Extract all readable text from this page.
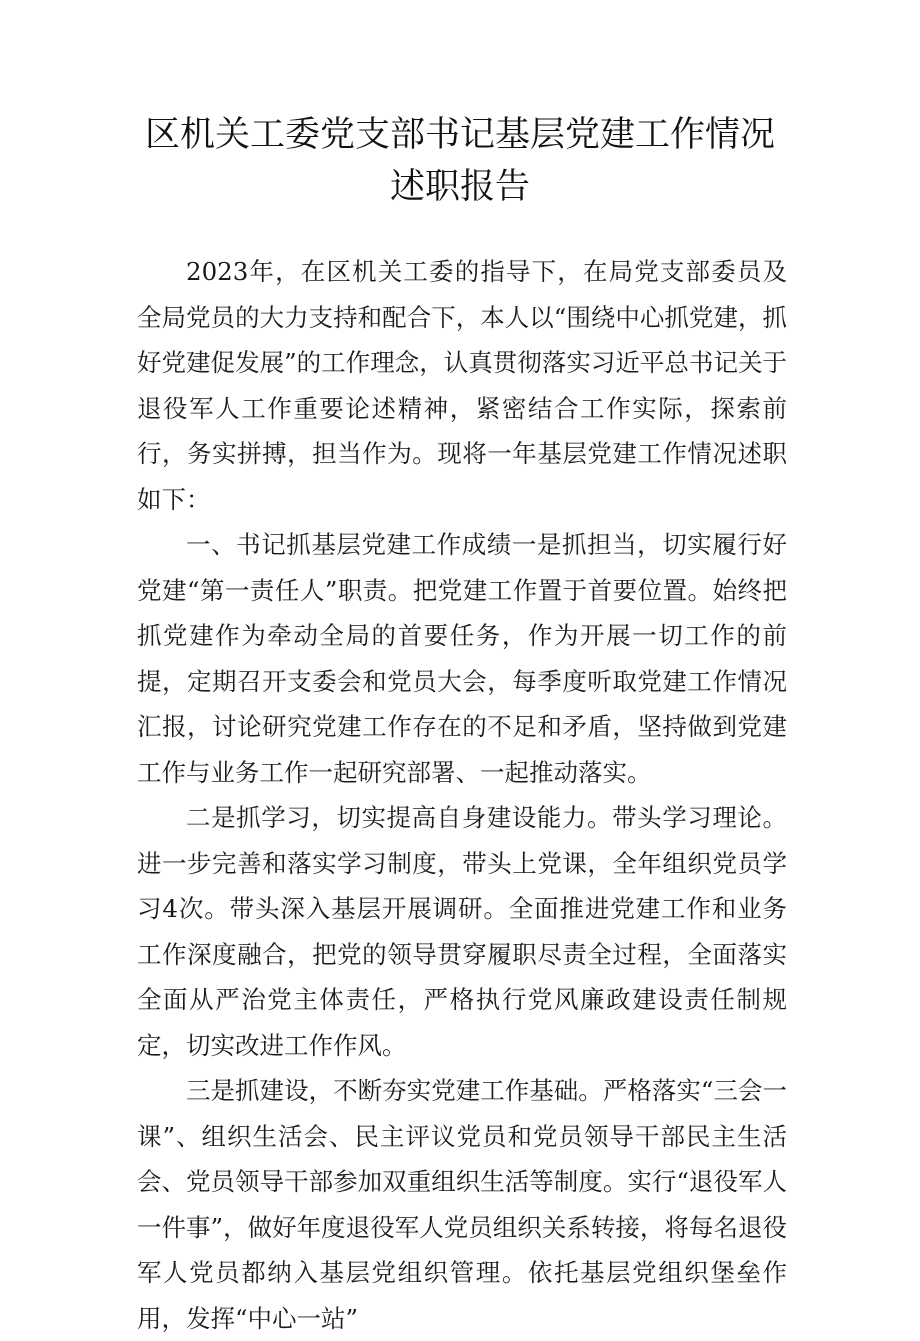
区机关工委党支部书记基层党建工作情况
述职报告

2023年，在区机关工委的指导下，在局党支部委员及全局党员的大力支持和配合下，本人以“围绕中心抓党建，抓好党建促发展”的工作理念，认真贯彻落实习近平总书记关于退役军人工作重要论述精神，紧密结合工作实际，探索前行，务实拼搏，担当作为。现将一年基层党建工作情况述职如下：

一、书记抓基层党建工作成绩一是抓担当，切实履行好党建“第一责任人”职责。把党建工作置于首要位置。始终把抓党建作为牵动全局的首要任务，作为开展一切工作的前提，定期召开支委会和党员大会，每季度听取党建工作情况汇报，讨论研究党建工作存在的不足和矛盾，坚持做到党建工作与业务工作一起研究部署、一起推动落实。

二是抓学习，切实提高自身建设能力。带头学习理论。进一步完善和落实学习制度，带头上党课，全年组织党员学习4次。带头深入基层开展调研。全面推进党建工作和业务工作深度融合，把党的领导贯穿履职尽责全过程，全面落实全面从严治党主体责任，严格执行党风廉政建设责任制规定，切实改进工作作风。

三是抓建设，不断夯实党建工作基础。严格落实“三会一课”、组织生活会、民主评议党员和党员领导干部民主生活会、党员领导干部参加双重组织生活等制度。实行“退役军人一件事”，做好年度退役军人党员组织关系转接，将每名退役军人党员都纳入基层党组织管理。依托基层党组织堡垒作用，发挥“中心一站”
